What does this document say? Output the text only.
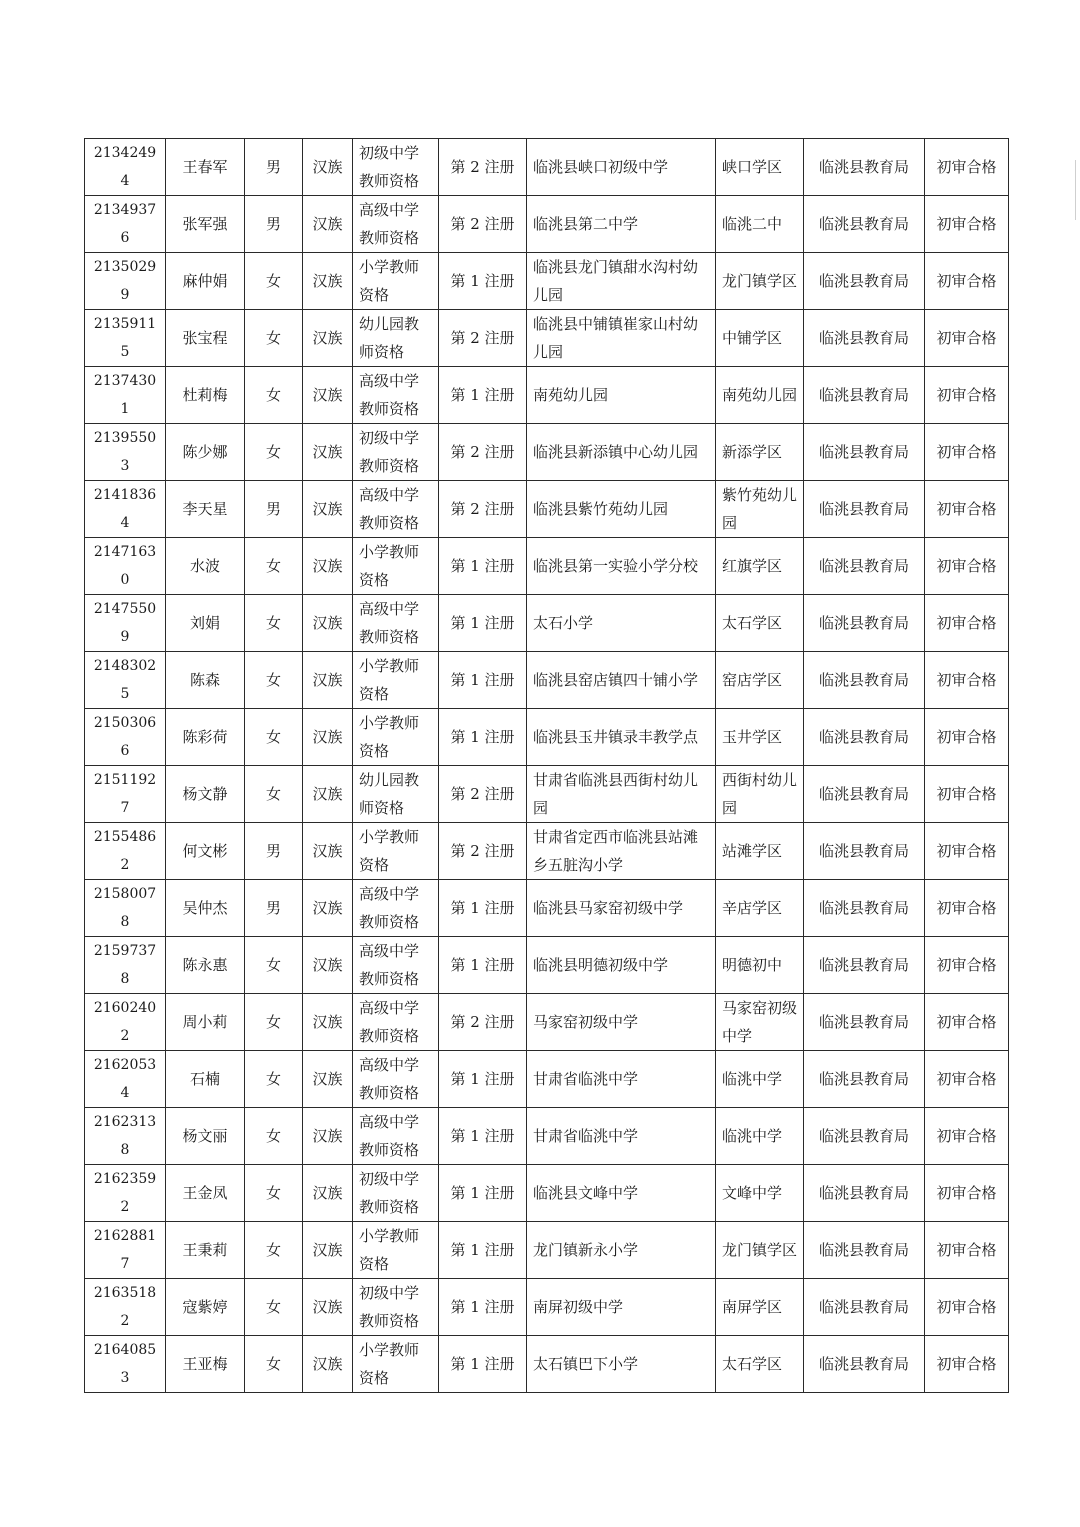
21342494	王春军	男	汉族	初级中学教师资格	第 2 注册	临洮县峡口初级中学	峡口学区	临洮县教育局	初审合格
21349376	张军强	男	汉族	高级中学教师资格	第 2 注册	临洮县第二中学	临洮二中	临洮县教育局	初审合格
21350299	麻仲娟	女	汉族	小学教师资格	第 1 注册	临洮县龙门镇甜水沟村幼儿园	龙门镇学区	临洮县教育局	初审合格
21359115	张宝程	女	汉族	幼儿园教师资格	第 2 注册	临洮县中铺镇崔家山村幼儿园	中铺学区	临洮县教育局	初审合格
21374301	杜莉梅	女	汉族	高级中学教师资格	第 1 注册	南苑幼儿园	南苑幼儿园	临洮县教育局	初审合格
21395503	陈少娜	女	汉族	初级中学教师资格	第 2 注册	临洮县新添镇中心幼儿园	新添学区	临洮县教育局	初审合格
21418364	李天星	男	汉族	高级中学教师资格	第 2 注册	临洮县紫竹苑幼儿园	紫竹苑幼儿园	临洮县教育局	初审合格
21471630	水波	女	汉族	小学教师资格	第 1 注册	临洮县第一实验小学分校	红旗学区	临洮县教育局	初审合格
21475509	刘娟	女	汉族	高级中学教师资格	第 1 注册	太石小学	太石学区	临洮县教育局	初审合格
21483025	陈森	女	汉族	小学教师资格	第 1 注册	临洮县窑店镇四十铺小学	窑店学区	临洮县教育局	初审合格
21503066	陈彩荷	女	汉族	小学教师资格	第 1 注册	临洮县玉井镇录丰教学点	玉井学区	临洮县教育局	初审合格
21511927	杨文静	女	汉族	幼儿园教师资格	第 2 注册	甘肃省临洮县西街村幼儿园	西街村幼儿园	临洮县教育局	初审合格
21554862	何文彬	男	汉族	小学教师资格	第 2 注册	甘肃省定西市临洮县站滩乡五脏沟小学	站滩学区	临洮县教育局	初审合格
21580078	吴仲杰	男	汉族	高级中学教师资格	第 1 注册	临洮县马家窑初级中学	辛店学区	临洮县教育局	初审合格
21597378	陈永惠	女	汉族	高级中学教师资格	第 1 注册	临洮县明德初级中学	明德初中	临洮县教育局	初审合格
21602402	周小莉	女	汉族	高级中学教师资格	第 2 注册	马家窑初级中学	马家窑初级中学	临洮县教育局	初审合格
21620534	石楠	女	汉族	高级中学教师资格	第 1 注册	甘肃省临洮中学	临洮中学	临洮县教育局	初审合格
21623138	杨文丽	女	汉族	高级中学教师资格	第 1 注册	甘肃省临洮中学	临洮中学	临洮县教育局	初审合格
21623592	王金凤	女	汉族	初级中学教师资格	第 1 注册	临洮县文峰中学	文峰中学	临洮县教育局	初审合格
21628817	王秉莉	女	汉族	小学教师资格	第 1 注册	龙门镇新永小学	龙门镇学区	临洮县教育局	初审合格
21635182	寇紫婷	女	汉族	初级中学教师资格	第 1 注册	南屏初级中学	南屏学区	临洮县教育局	初审合格
21640853	王亚梅	女	汉族	小学教师资格	第 1 注册	太石镇巴下小学	太石学区	临洮县教育局	初审合格
